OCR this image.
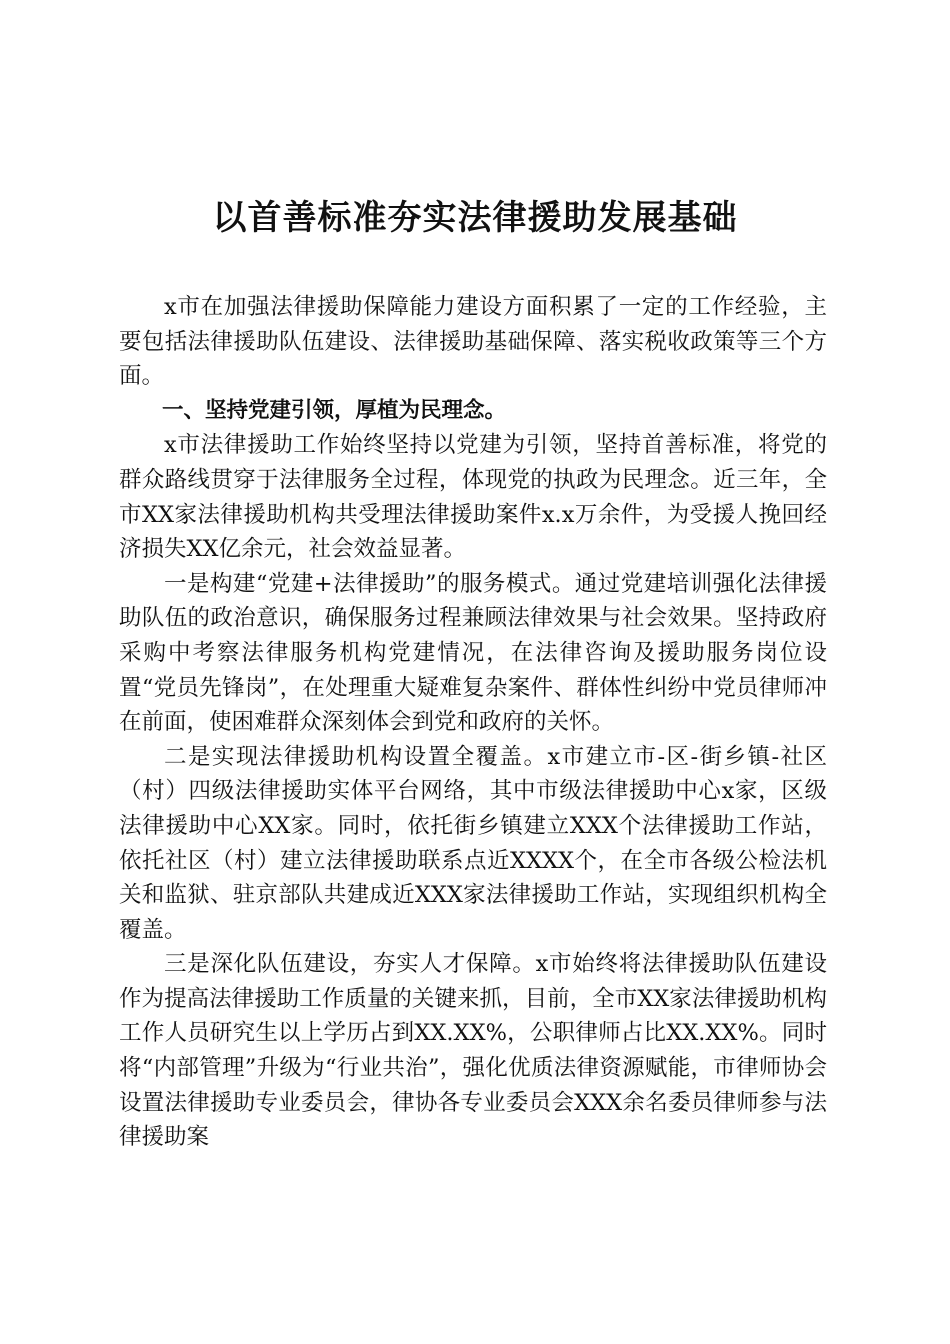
以首善标准夯实法律援助发展基础

x市在加强法律援助保障能力建设方面积累了一定的工作经验，主要包括法律援助队伍建设、法律援助基础保障、落实税收政策等三个方面。

一、坚持党建引领，厚植为民理念。

x市法律援助工作始终坚持以党建为引领，坚持首善标准，将党的群众路线贯穿于法律服务全过程，体现党的执政为民理念。近三年，全市XX家法律援助机构共受理法律援助案件x.x万余件，为受援人挽回经济损失XX亿余元，社会效益显著。

一是构建“党建+法律援助”的服务模式。通过党建培训强化法律援助队伍的政治意识，确保服务过程兼顾法律效果与社会效果。坚持政府采购中考察法律服务机构党建情况，在法律咨询及援助服务岗位设置“党员先锋岗”，在处理重大疑难复杂案件、群体性纠纷中党员律师冲在前面，使困难群众深刻体会到党和政府的关怀。

二是实现法律援助机构设置全覆盖。x市建立市-区-街乡镇-社区（村）四级法律援助实体平台网络，其中市级法律援助中心x家，区级法律援助中心XX家。同时，依托街乡镇建立XXX个法律援助工作站，依托社区（村）建立法律援助联系点近XXXX个，在全市各级公检法机关和监狱、驻京部队共建成近XXX家法律援助工作站，实现组织机构全覆盖。

三是深化队伍建设，夯实人才保障。x市始终将法律援助队伍建设作为提高法律援助工作质量的关键来抓，目前，全市XX家法律援助机构工作人员研究生以上学历占到XX.XX%，公职律师占比XX.XX%。同时将“内部管理”升级为“行业共治”，强化优质法律资源赋能，市律师协会设置法律援助专业委员会，律协各专业委员会XXX余名委员律师参与法律援助案
